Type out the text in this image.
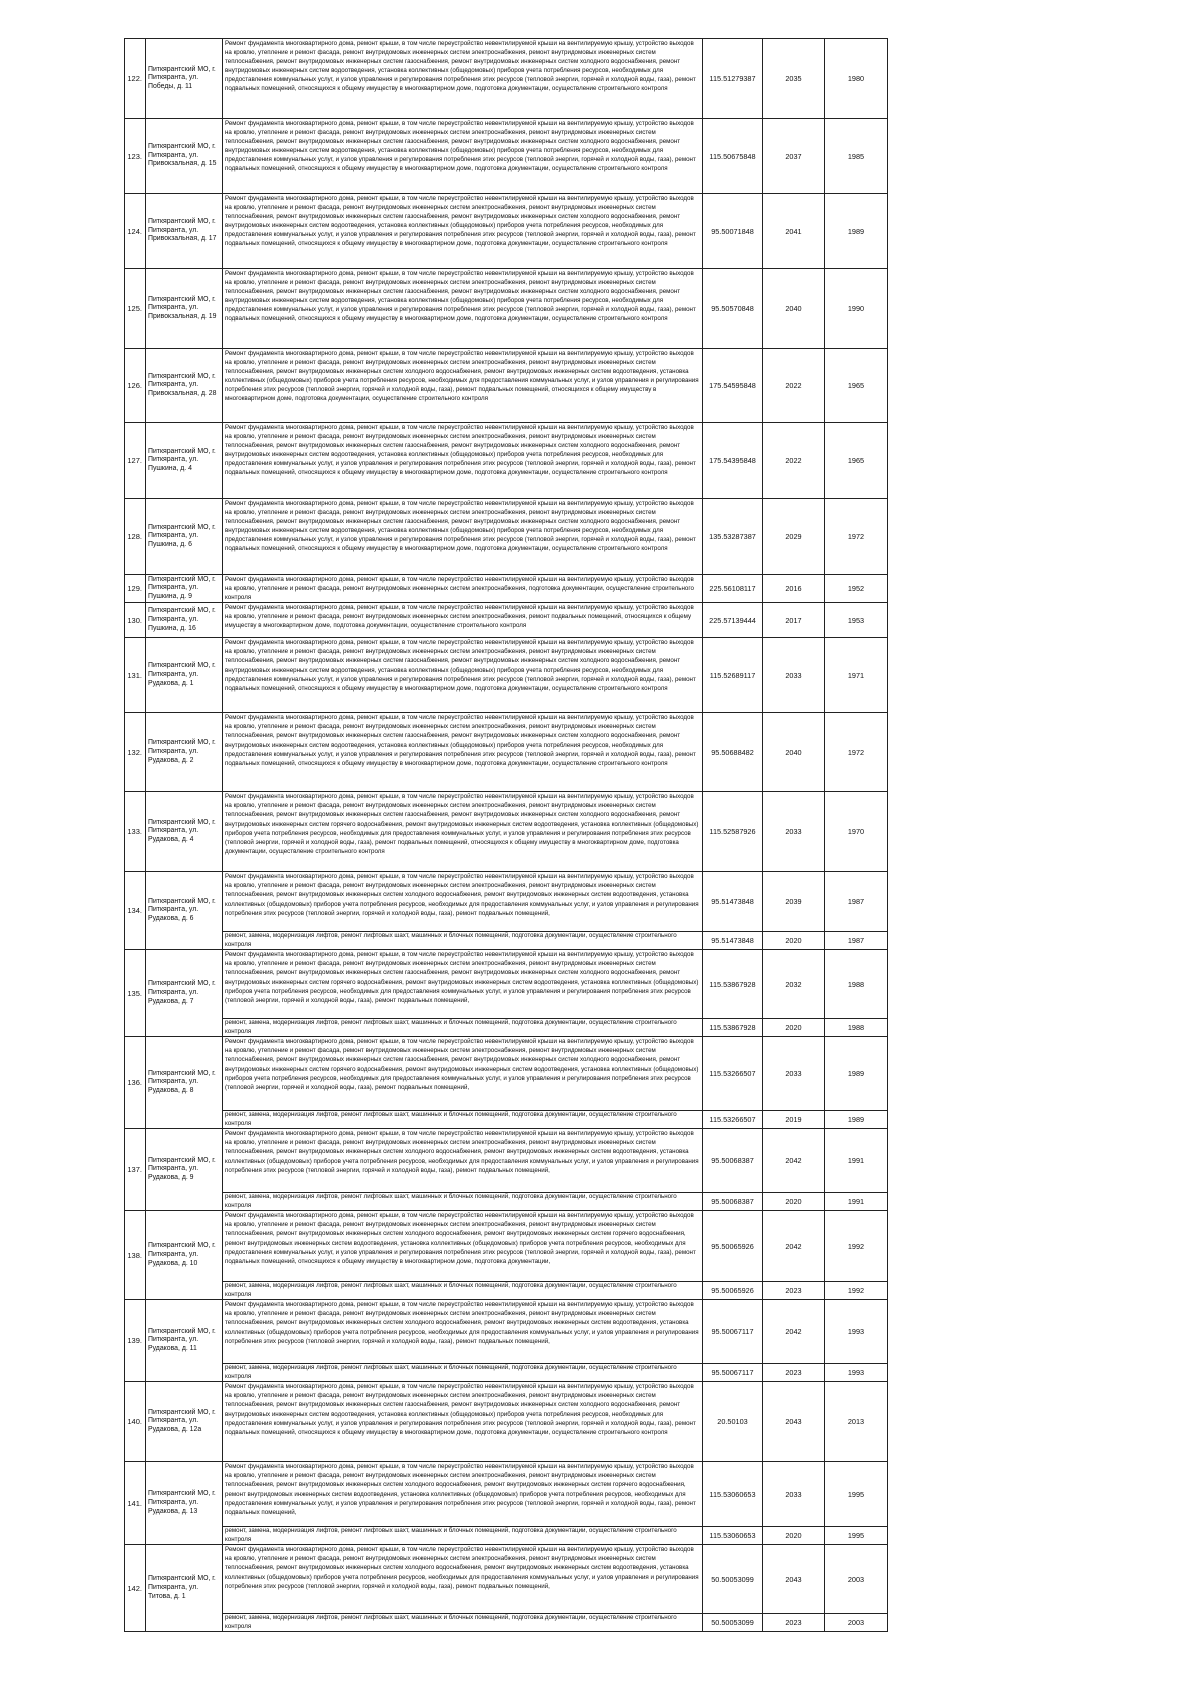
122.	Питкярантский МО, г. Питкяранта, ул. Победы, д. 11	Ремонт фундамента многоквартирного дома, ремонт крыши, в том числе переустройство невентилируемой крыши на вентилируемую крышу, устройство выходов на кровлю, утепление и ремонт фасада, ремонт внутридомовых инженерных систем электроснабжения, ремонт внутридомовых инженерных систем теплоснабжения, ремонт внутридомовых инженерных систем газоснабжения, ремонт внутридомовых инженерных систем холодного водоснабжения, ремонт внутридомовых инженерных систем водоотведения, установка коллективных (общедомовых) приборов учета потребления ресурсов, необходимых для предоставления коммунальных услуг, и узлов управления и регулирования потребления этих ресурсов (тепловой энергии, горячей и холодной воды, газа), ремонт подвальных помещений, относящихся к общему имуществу в многоквартирном доме, подготовка документации, осуществление строительного контроля	115.51279387	2035	1980
123.	Питкярантский МО, г. Питкяранта, ул. Привокзальная, д. 15	Ремонт фундамента многоквартирного дома, ремонт крыши, в том числе переустройство невентилируемой крыши на вентилируемую крышу, устройство выходов на кровлю, утепление и ремонт фасада, ремонт внутридомовых инженерных систем электроснабжения, ремонт внутридомовых инженерных систем теплоснабжения, ремонт внутридомовых инженерных систем газоснабжения, ремонт внутридомовых инженерных систем холодного водоснабжения, ремонт внутридомовых инженерных систем водоотведения, установка коллективных (общедомовых) приборов учета потребления ресурсов, необходимых для предоставления коммунальных услуг, и узлов управления и регулирования потребления этих ресурсов (тепловой энергии, горячей и холодной воды, газа), ремонт подвальных помещений, относящихся к общему имуществу в многоквартирном доме, подготовка документации, осуществление строительного контроля	115.50675848	2037	1985
124.	Питкярантский МО, г. Питкяранта, ул. Привокзальная, д. 17	Ремонт фундамента многоквартирного дома, ремонт крыши, в том числе переустройство невентилируемой крыши на вентилируемую крышу, устройство выходов на кровлю, утепление и ремонт фасада, ремонт внутридомовых инженерных систем электроснабжения, ремонт внутридомовых инженерных систем теплоснабжения, ремонт внутридомовых инженерных систем газоснабжения, ремонт внутридомовых инженерных систем холодного водоснабжения, ремонт внутридомовых инженерных систем водоотведения, установка коллективных (общедомовых) приборов учета потребления ресурсов, необходимых для предоставления коммунальных услуг, и узлов управления и регулирования потребления этих ресурсов (тепловой энергии, горячей и холодной воды, газа), ремонт подвальных помещений, относящихся к общему имуществу в многоквартирном доме, подготовка документации, осуществление строительного контроля	95.50071848	2041	1989
125.	Питкярантский МО, г. Питкяранта, ул. Привокзальная, д. 19	Ремонт фундамента многоквартирного дома, ремонт крыши, в том числе переустройство невентилируемой крыши на вентилируемую крышу, устройство выходов на кровлю, утепление и ремонт фасада, ремонт внутридомовых инженерных систем электроснабжения, ремонт внутридомовых инженерных систем теплоснабжения, ремонт внутридомовых инженерных систем газоснабжения, ремонт внутридомовых инженерных систем холодного водоснабжения, ремонт внутридомовых инженерных систем водоотведения, установка коллективных (общедомовых) приборов учета потребления ресурсов, необходимых для предоставления коммунальных услуг, и узлов управления и регулирования потребления этих ресурсов (тепловой энергии, горячей и холодной воды, газа), ремонт подвальных помещений, относящихся к общему имуществу в многоквартирном доме, подготовка документации, осуществление строительного контроля	95.50570848	2040	1990
126.	Питкярантский МО, г. Питкяранта, ул. Привокзальная, д. 28	Ремонт фундамента многоквартирного дома, ремонт крыши, в том числе переустройство невентилируемой крыши на вентилируемую крышу, устройство выходов на кровлю, утепление и ремонт фасада, ремонт внутридомовых инженерных систем электроснабжения, ремонт внутридомовых инженерных систем теплоснабжения, ремонт внутридомовых инженерных систем холодного водоснабжения, ремонт внутридомовых инженерных систем водоотведения, установка коллективных (общедомовых) приборов учета потребления ресурсов, необходимых для предоставления коммунальных услуг, и узлов управления и регулирования потребления этих ресурсов (тепловой энергии, горячей и холодной воды, газа), ремонт подвальных помещений, относящихся к общему имуществу в многоквартирном доме, подготовка документации, осуществление строительного контроля	175.54595848	2022	1965
127.	Питкярантский МО, г. Питкяранта, ул. Пушкина, д. 4	Ремонт фундамента многоквартирного дома, ремонт крыши, в том числе переустройство невентилируемой крыши на вентилируемую крышу, устройство выходов на кровлю, утепление и ремонт фасада, ремонт внутридомовых инженерных систем электроснабжения, ремонт внутридомовых инженерных систем теплоснабжения, ремонт внутридомовых инженерных систем газоснабжения, ремонт внутридомовых инженерных систем холодного водоснабжения, ремонт внутридомовых инженерных систем водоотведения, установка коллективных (общедомовых) приборов учета потребления ресурсов, необходимых для предоставления коммунальных услуг, и узлов управления и регулирования потребления этих ресурсов (тепловой энергии, горячей и холодной воды, газа), ремонт подвальных помещений, относящихся к общему имуществу в многоквартирном доме, подготовка документации, осуществление строительного контроля	175.54395848	2022	1965
128.	Питкярантский МО, г. Питкяранта, ул. Пушкина, д. 6	Ремонт фундамента многоквартирного дома, ремонт крыши, в том числе переустройство невентилируемой крыши на вентилируемую крышу, устройство выходов на кровлю, утепление и ремонт фасада, ремонт внутридомовых инженерных систем электроснабжения, ремонт внутридомовых инженерных систем теплоснабжения, ремонт внутридомовых инженерных систем газоснабжения, ремонт внутридомовых инженерных систем холодного водоснабжения, ремонт внутридомовых инженерных систем водоотведения, установка коллективных (общедомовых) приборов учета потребления ресурсов, необходимых для предоставления коммунальных услуг, и узлов управления и регулирования потребления этих ресурсов (тепловой энергии, горячей и холодной воды, газа), ремонт подвальных помещений, относящихся к общему имуществу в многоквартирном доме, подготовка документации, осуществление строительного контроля	135.53287387	2029	1972
129.	Питкярантский МО, г. Питкяранта, ул. Пушкина, д. 9	Ремонт фундамента многоквартирного дома, ремонт крыши, в том числе переустройство невентилируемой крыши на вентилируемую крышу, устройство выходов на кровлю, утепление и ремонт фасада, ремонт внутридомовых инженерных систем электроснабжения, подготовка документации, осуществление строительного контроля	225.56108117	2016	1952
130.	Питкярантский МО, г. Питкяранта, ул. Пушкина, д. 16	Ремонт фундамента многоквартирного дома, ремонт крыши, в том числе переустройство невентилируемой крыши на вентилируемую крышу, устройство выходов на кровлю, утепление и ремонт фасада, ремонт внутридомовых инженерных систем электроснабжения, ремонт подвальных помещений, относящихся к общему имуществу в многоквартирном доме, подготовка документации, осуществление строительного контроля	225.57139444	2017	1953
131.	Питкярантский МО, г. Питкяранта, ул. Рудакова, д. 1	Ремонт фундамента многоквартирного дома, ремонт крыши, в том числе переустройство невентилируемой крыши на вентилируемую крышу, устройство выходов на кровлю, утепление и ремонт фасада, ремонт внутридомовых инженерных систем электроснабжения, ремонт внутридомовых инженерных систем теплоснабжения, ремонт внутридомовых инженерных систем газоснабжения, ремонт внутридомовых инженерных систем холодного водоснабжения, ремонт внутридомовых инженерных систем водоотведения, установка коллективных (общедомовых) приборов учета потребления ресурсов, необходимых для предоставления коммунальных услуг, и узлов управления и регулирования потребления этих ресурсов (тепловой энергии, горячей и холодной воды, газа), ремонт подвальных помещений, относящихся к общему имуществу в многоквартирном доме, подготовка документации, осуществление строительного контроля	115.52689117	2033	1971
132.	Питкярантский МО, г. Питкяранта, ул. Рудакова, д. 2	Ремонт фундамента многоквартирного дома, ремонт крыши, в том числе переустройство невентилируемой крыши на вентилируемую крышу, устройство выходов на кровлю, утепление и ремонт фасада, ремонт внутридомовых инженерных систем электроснабжения, ремонт внутридомовых инженерных систем теплоснабжения, ремонт внутридомовых инженерных систем газоснабжения, ремонт внутридомовых инженерных систем холодного водоснабжения, ремонт внутридомовых инженерных систем водоотведения, установка коллективных (общедомовых) приборов учета потребления ресурсов, необходимых для предоставления коммунальных услуг, и узлов управления и регулирования потребления этих ресурсов (тепловой энергии, горячей и холодной воды, газа), ремонт подвальных помещений, относящихся к общему имуществу в многоквартирном доме, подготовка документации, осуществление строительного контроля	95.50688482	2040	1972
133.	Питкярантский МО, г. Питкяранта, ул. Рудакова, д. 4	Ремонт фундамента многоквартирного дома, ремонт крыши, в том числе переустройство невентилируемой крыши на вентилируемую крышу, устройство выходов на кровлю, утепление и ремонт фасада, ремонт внутридомовых инженерных систем электроснабжения, ремонт внутридомовых инженерных систем теплоснабжения, ремонт внутридомовых инженерных систем газоснабжения, ремонт внутридомовых инженерных систем холодного водоснабжения, ремонт внутридомовых инженерных систем горячего водоснабжения, ремонт внутридомовых инженерных систем водоотведения, установка коллективных (общедомовых) приборов учета потребления ресурсов, необходимых для предоставления коммунальных услуг, и узлов управления и регулирования потребления этих ресурсов (тепловой энергии, горячей и холодной воды, газа), ремонт подвальных помещений, относящихся к общему имуществу в многоквартирном доме, подготовка документации, осуществление строительного контроля	115.52587926	2033	1970
134.	Питкярантский МО, г. Питкяранта, ул. Рудакова, д. 6	Ремонт фундамента многоквартирного дома, ремонт крыши, в том числе переустройство невентилируемой крыши на вентилируемую крышу, устройство выходов на кровлю, утепление и ремонт фасада, ремонт внутридомовых инженерных систем электроснабжения, ремонт внутридомовых инженерных систем теплоснабжения, ремонт внутридомовых инженерных систем холодного водоснабжения, ремонт внутридомовых инженерных систем водоотведения, установка коллективных (общедомовых) приборов учета потребления ресурсов, необходимых для предоставления коммунальных услуг, и узлов управления и регулирования потребления этих ресурсов (тепловой энергии, горячей и холодной воды, газа), ремонт подвальных помещений,	95.51473848	2039	1987
		ремонт, замена, модернизация лифтов, ремонт лифтовых шахт, машинных и блочных помещений, подготовка документации, осуществление строительного контроля	95.51473848	2020	1987
135.	Питкярантский МО, г. Питкяранта, ул. Рудакова, д. 7	Ремонт фундамента многоквартирного дома, ремонт крыши, в том числе переустройство невентилируемой крыши на вентилируемую крышу, устройство выходов на кровлю, утепление и ремонт фасада, ремонт внутридомовых инженерных систем электроснабжения, ремонт внутридомовых инженерных систем теплоснабжения, ремонт внутридомовых инженерных систем газоснабжения, ремонт внутридомовых инженерных систем холодного водоснабжения, ремонт внутридомовых инженерных систем горячего водоснабжения, ремонт внутридомовых инженерных систем водоотведения, установка коллективных (общедомовых) приборов учета потребления ресурсов, необходимых для предоставления коммунальных услуг, и узлов управления и регулирования потребления этих ресурсов (тепловой энергии, горячей и холодной воды, газа), ремонт подвальных помещений,	115.53867928	2032	1988
		ремонт, замена, модернизация лифтов, ремонт лифтовых шахт, машинных и блочных помещений, подготовка документации, осуществление строительного контроля	115.53867928	2020	1988
136.	Питкярантский МО, г. Питкяранта, ул. Рудакова, д. 8	Ремонт фундамента многоквартирного дома, ремонт крыши, в том числе переустройство невентилируемой крыши на вентилируемую крышу, устройство выходов на кровлю, утепление и ремонт фасада, ремонт внутридомовых инженерных систем электроснабжения, ремонт внутридомовых инженерных систем теплоснабжения, ремонт внутридомовых инженерных систем газоснабжения, ремонт внутридомовых инженерных систем холодного водоснабжения, ремонт внутридомовых инженерных систем горячего водоснабжения, ремонт внутридомовых инженерных систем водоотведения, установка коллективных (общедомовых) приборов учета потребления ресурсов, необходимых для предоставления коммунальных услуг, и узлов управления и регулирования потребления этих ресурсов (тепловой энергии, горячей и холодной воды, газа), ремонт подвальных помещений,	115.53266507	2033	1989
		ремонт, замена, модернизация лифтов, ремонт лифтовых шахт, машинных и блочных помещений, подготовка документации, осуществление строительного контроля	115.53266507	2019	1989
137.	Питкярантский МО, г. Питкяранта, ул. Рудакова, д. 9	Ремонт фундамента многоквартирного дома, ремонт крыши, в том числе переустройство невентилируемой крыши на вентилируемую крышу, устройство выходов на кровлю, утепление и ремонт фасада, ремонт внутридомовых инженерных систем электроснабжения, ремонт внутридомовых инженерных систем теплоснабжения, ремонт внутридомовых инженерных систем холодного водоснабжения, ремонт внутридомовых инженерных систем водоотведения, установка коллективных (общедомовых) приборов учета потребления ресурсов, необходимых для предоставления коммунальных услуг, и узлов управления и регулирования потребления этих ресурсов (тепловой энергии, горячей и холодной воды, газа), ремонт подвальных помещений,	95.50068387	2042	1991
		ремонт, замена, модернизация лифтов, ремонт лифтовых шахт, машинных и блочных помещений, подготовка документации, осуществление строительного контроля	95.50068387	2020	1991
138.	Питкярантский МО, г. Питкяранта, ул. Рудакова, д. 10	Ремонт фундамента многоквартирного дома, ремонт крыши, в том числе переустройство невентилируемой крыши на вентилируемую крышу, устройство выходов на кровлю, утепление и ремонт фасада, ремонт внутридомовых инженерных систем электроснабжения, ремонт внутридомовых инженерных систем теплоснабжения, ремонт внутридомовых инженерных систем холодного водоснабжения, ремонт внутридомовых инженерных систем горячего водоснабжения, ремонт внутридомовых инженерных систем водоотведения, установка коллективных (общедомовых) приборов учета потребления ресурсов, необходимых для предоставления коммунальных услуг, и узлов управления и регулирования потребления этих ресурсов (тепловой энергии, горячей и холодной воды, газа), ремонт подвальных помещений, относящихся к общему имуществу в многоквартирном доме, подготовка документации,	95.50065926	2042	1992
		ремонт, замена, модернизация лифтов, ремонт лифтовых шахт, машинных и блочных помещений, подготовка документации, осуществление строительного контроля	95.50065926	2023	1992
139.	Питкярантский МО, г. Питкяранта, ул. Рудакова, д. 11	Ремонт фундамента многоквартирного дома, ремонт крыши, в том числе переустройство невентилируемой крыши на вентилируемую крышу, устройство выходов на кровлю, утепление и ремонт фасада, ремонт внутридомовых инженерных систем электроснабжения, ремонт внутридомовых инженерных систем теплоснабжения, ремонт внутридомовых инженерных систем холодного водоснабжения, ремонт внутридомовых инженерных систем водоотведения, установка коллективных (общедомовых) приборов учета потребления ресурсов, необходимых для предоставления коммунальных услуг, и узлов управления и регулирования потребления этих ресурсов (тепловой энергии, горячей и холодной воды, газа), ремонт подвальных помещений,	95.50067117	2042	1993
		ремонт, замена, модернизация лифтов, ремонт лифтовых шахт, машинных и блочных помещений, подготовка документации, осуществление строительного контроля	95.50067117	2023	1993
140.	Питкярантский МО, г. Питкяранта, ул. Рудакова, д. 12а	Ремонт фундамента многоквартирного дома, ремонт крыши, в том числе переустройство невентилируемой крыши на вентилируемую крышу, устройство выходов на кровлю, утепление и ремонт фасада, ремонт внутридомовых инженерных систем электроснабжения, ремонт внутридомовых инженерных систем теплоснабжения, ремонт внутридомовых инженерных систем газоснабжения, ремонт внутридомовых инженерных систем холодного водоснабжения, ремонт внутридомовых инженерных систем водоотведения, установка коллективных (общедомовых) приборов учета потребления ресурсов, необходимых для предоставления коммунальных услуг, и узлов управления и регулирования потребления этих ресурсов (тепловой энергии, горячей и холодной воды, газа), ремонт подвальных помещений, относящихся к общему имуществу в многоквартирном доме, подготовка документации, осуществление строительного контроля	20.50103	2043	2013
141.	Питкярантский МО, г. Питкяранта, ул. Рудакова, д. 13	Ремонт фундамента многоквартирного дома, ремонт крыши, в том числе переустройство невентилируемой крыши на вентилируемую крышу, устройство выходов на кровлю, утепление и ремонт фасада, ремонт внутридомовых инженерных систем электроснабжения, ремонт внутридомовых инженерных систем теплоснабжения, ремонт внутридомовых инженерных систем холодного водоснабжения, ремонт внутридомовых инженерных систем горячего водоснабжения, ремонт внутридомовых инженерных систем водоотведения, установка коллективных (общедомовых) приборов учета потребления ресурсов, необходимых для предоставления коммунальных услуг, и узлов управления и регулирования потребления этих ресурсов (тепловой энергии, горячей и холодной воды, газа), ремонт подвальных помещений,	115.53060653	2033	1995
		ремонт, замена, модернизация лифтов, ремонт лифтовых шахт, машинных и блочных помещений, подготовка документации, осуществление строительного контроля	115.53060653	2020	1995
142.	Питкярантский МО, г. Питкяранта, ул. Титова, д. 1	Ремонт фундамента многоквартирного дома, ремонт крыши, в том числе переустройство невентилируемой крыши на вентилируемую крышу, устройство выходов на кровлю, утепление и ремонт фасада, ремонт внутридомовых инженерных систем электроснабжения, ремонт внутридомовых инженерных систем теплоснабжения, ремонт внутридомовых инженерных систем холодного водоснабжения, ремонт внутридомовых инженерных систем водоотведения, установка коллективных (общедомовых) приборов учета потребления ресурсов, необходимых для предоставления коммунальных услуг, и узлов управления и регулирования потребления этих ресурсов (тепловой энергии, горячей и холодной воды, газа), ремонт подвальных помещений,	50.50053099	2043	2003
		ремонт, замена, модернизация лифтов, ремонт лифтовых шахт, машинных и блочных помещений, подготовка документации, осуществление строительного контроля	50.50053099	2023	2003
